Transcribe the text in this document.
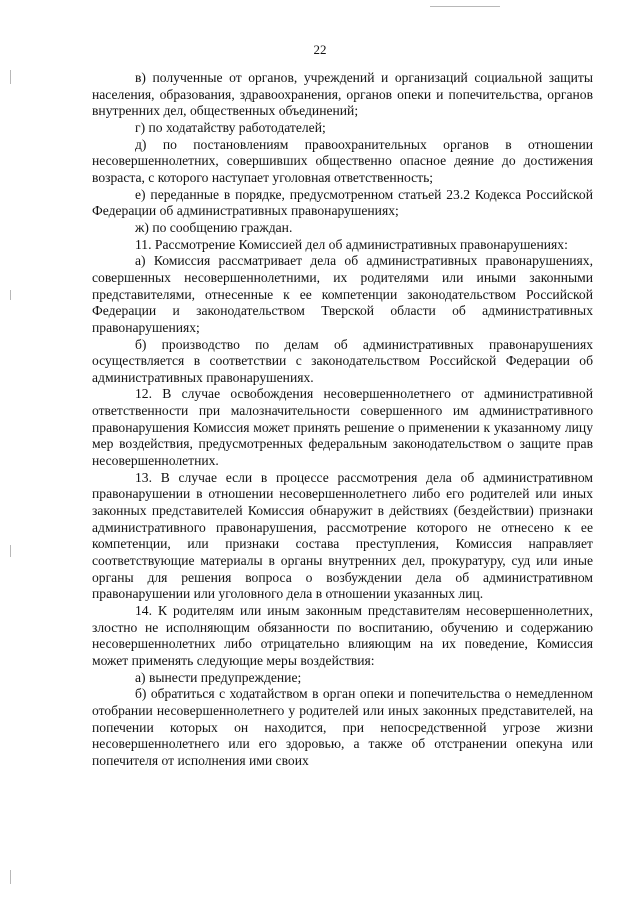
22

в) полученные от органов, учреждений и организаций социальной защиты населения, образования, здравоохранения, органов опеки и попечительства, органов внутренних дел, общественных объединений;

г) по ходатайству работодателей;

д) по постановлениям правоохранительных органов в отношении несовершеннолетних, совершивших общественно опасное деяние до достижения возраста, с которого наступает уголовная ответственность;

е) переданные в порядке, предусмотренном статьей 23.2 Кодекса Российской Федерации об административных правонарушениях;

ж) по сообщению граждан.

11. Рассмотрение Комиссией дел об административных правонарушениях:

а) Комиссия рассматривает дела об административных правонарушениях, совершенных несовершеннолетними, их родителями или иными законными представителями, отнесенные к ее компетенции законодательством Российской Федерации и законодательством Тверской области об административных правонарушениях;

б) производство по делам об административных правонарушениях осуществляется в соответствии с законодательством Российской Федерации об административных правонарушениях.

12. В случае освобождения несовершеннолетнего от административной ответственности при малозначительности совершенного им административного правонарушения Комиссия может принять решение о применении к указанному лицу мер воздействия, предусмотренных федеральным законодательством о защите прав несовершеннолетних.

13. В случае если в процессе рассмотрения дела об административном правонарушении в отношении несовершеннолетнего либо его родителей или иных законных представителей Комиссия обнаружит в действиях (бездействии) признаки административного правонарушения, рассмотрение которого не отнесено к ее компетенции, или признаки состава преступления, Комиссия направляет соответствующие материалы в органы внутренних дел, прокуратуру, суд или иные органы для решения вопроса о возбуждении дела об административном правонарушении или уголовного дела в отношении указанных лиц.

14. К родителям или иным законным представителям несовершеннолетних, злостно не исполняющим обязанности по воспитанию, обучению и содержанию несовершеннолетних либо отрицательно влияющим на их поведение, Комиссия может применять следующие меры воздействия:

а) вынести предупреждение;

б) обратиться с ходатайством в орган опеки и попечительства о немедленном отобрании несовершеннолетнего у родителей или иных законных представителей, на попечении которых он находится, при непосредственной угрозе жизни несовершеннолетнего или его здоровью, а также об отстранении опекуна или попечителя от исполнения ими своих
